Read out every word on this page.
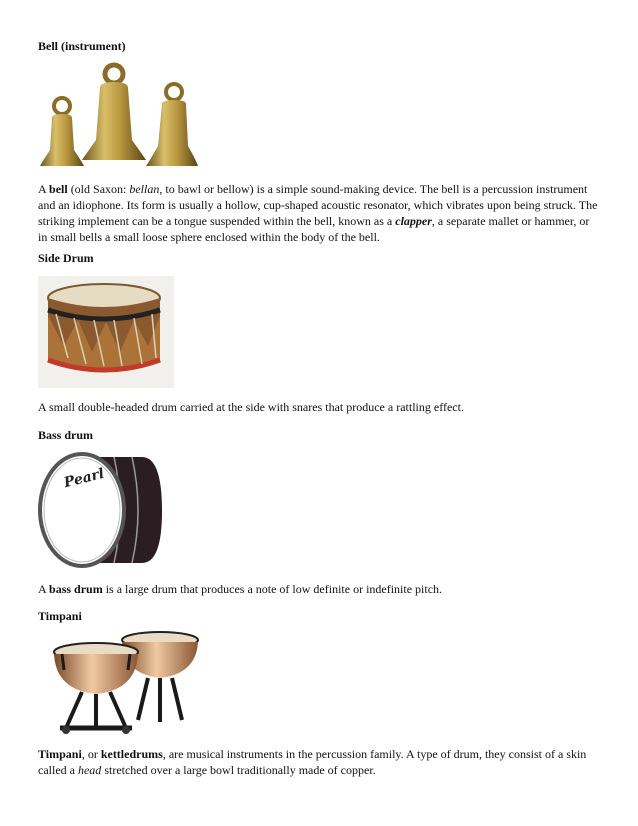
Bell (instrument)

A bell (old Saxon: bellan, to bawl or bellow) is a simple sound-making device. The bell is a percussion instrument and an idiophone. Its form is usually a hollow, cup-shaped acoustic resonator, which vibrates upon being struck. The striking implement can be a tongue suspended within the bell, known as a clapper, a separate mallet or hammer, or in small bells a small loose sphere enclosed within the body of the bell.

Side Drum

A small double-headed drum carried at the side with snares that produce a rattling effect.

Bass drum
Pearl

A bass drum is a large drum that produces a note of low definite or indefinite pitch.

Timpani

Timpani, or kettledrums, are musical instruments in the percussion family. A type of drum, they consist of a skin called a head stretched over a large bowl traditionally made of copper.
